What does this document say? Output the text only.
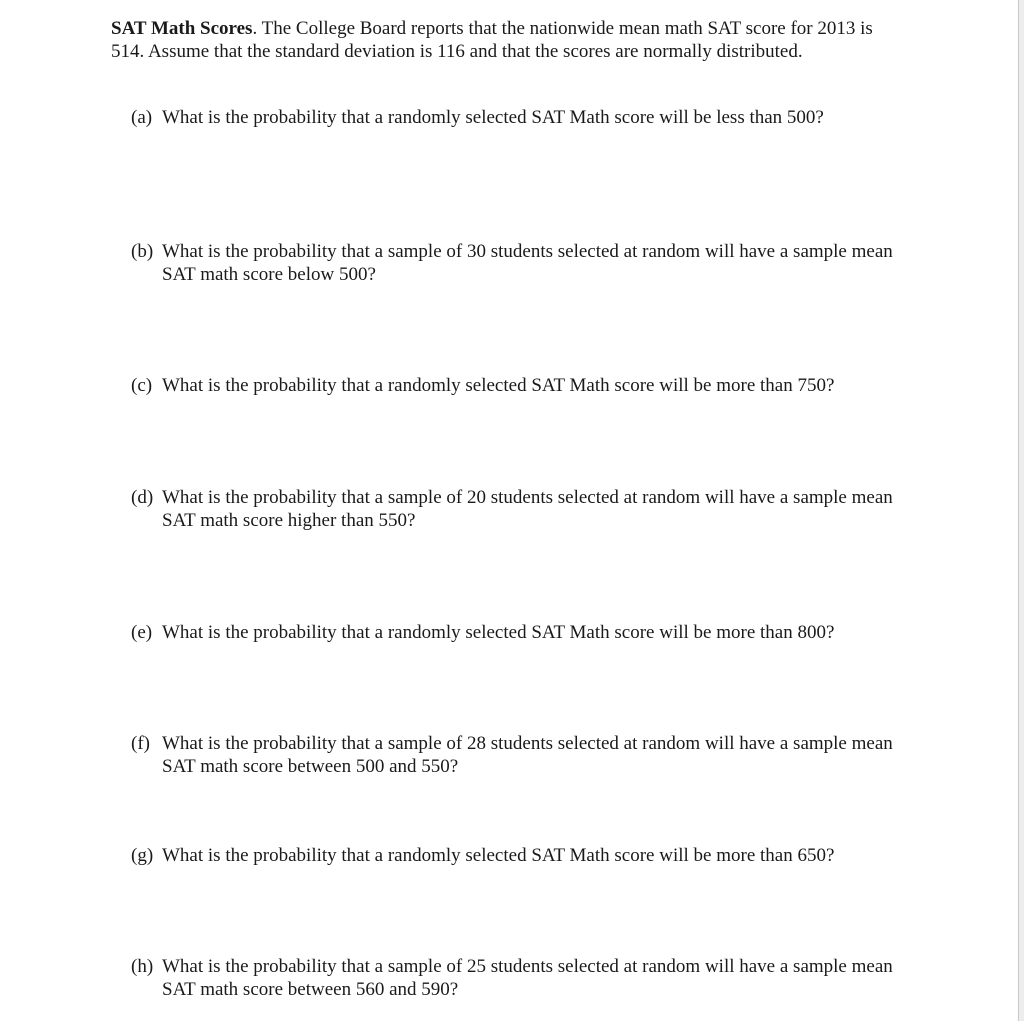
SAT Math Scores. The College Board reports that the nationwide mean math SAT score for 2013 is 514. Assume that the standard deviation is 116 and that the scores are normally distributed.

(a) What is the probability that a randomly selected SAT Math score will be less than 500?
(b) What is the probability that a sample of 30 students selected at random will have a sample mean SAT math score below 500?
(c) What is the probability that a randomly selected SAT Math score will be more than 750?
(d) What is the probability that a sample of 20 students selected at random will have a sample mean SAT math score higher than 550?
(e) What is the probability that a randomly selected SAT Math score will be more than 800?
(f) What is the probability that a sample of 28 students selected at random will have a sample mean SAT math score between 500 and 550?
(g) What is the probability that a randomly selected SAT Math score will be more than 650?
(h) What is the probability that a sample of 25 students selected at random will have a sample mean SAT math score between 560 and 590?
